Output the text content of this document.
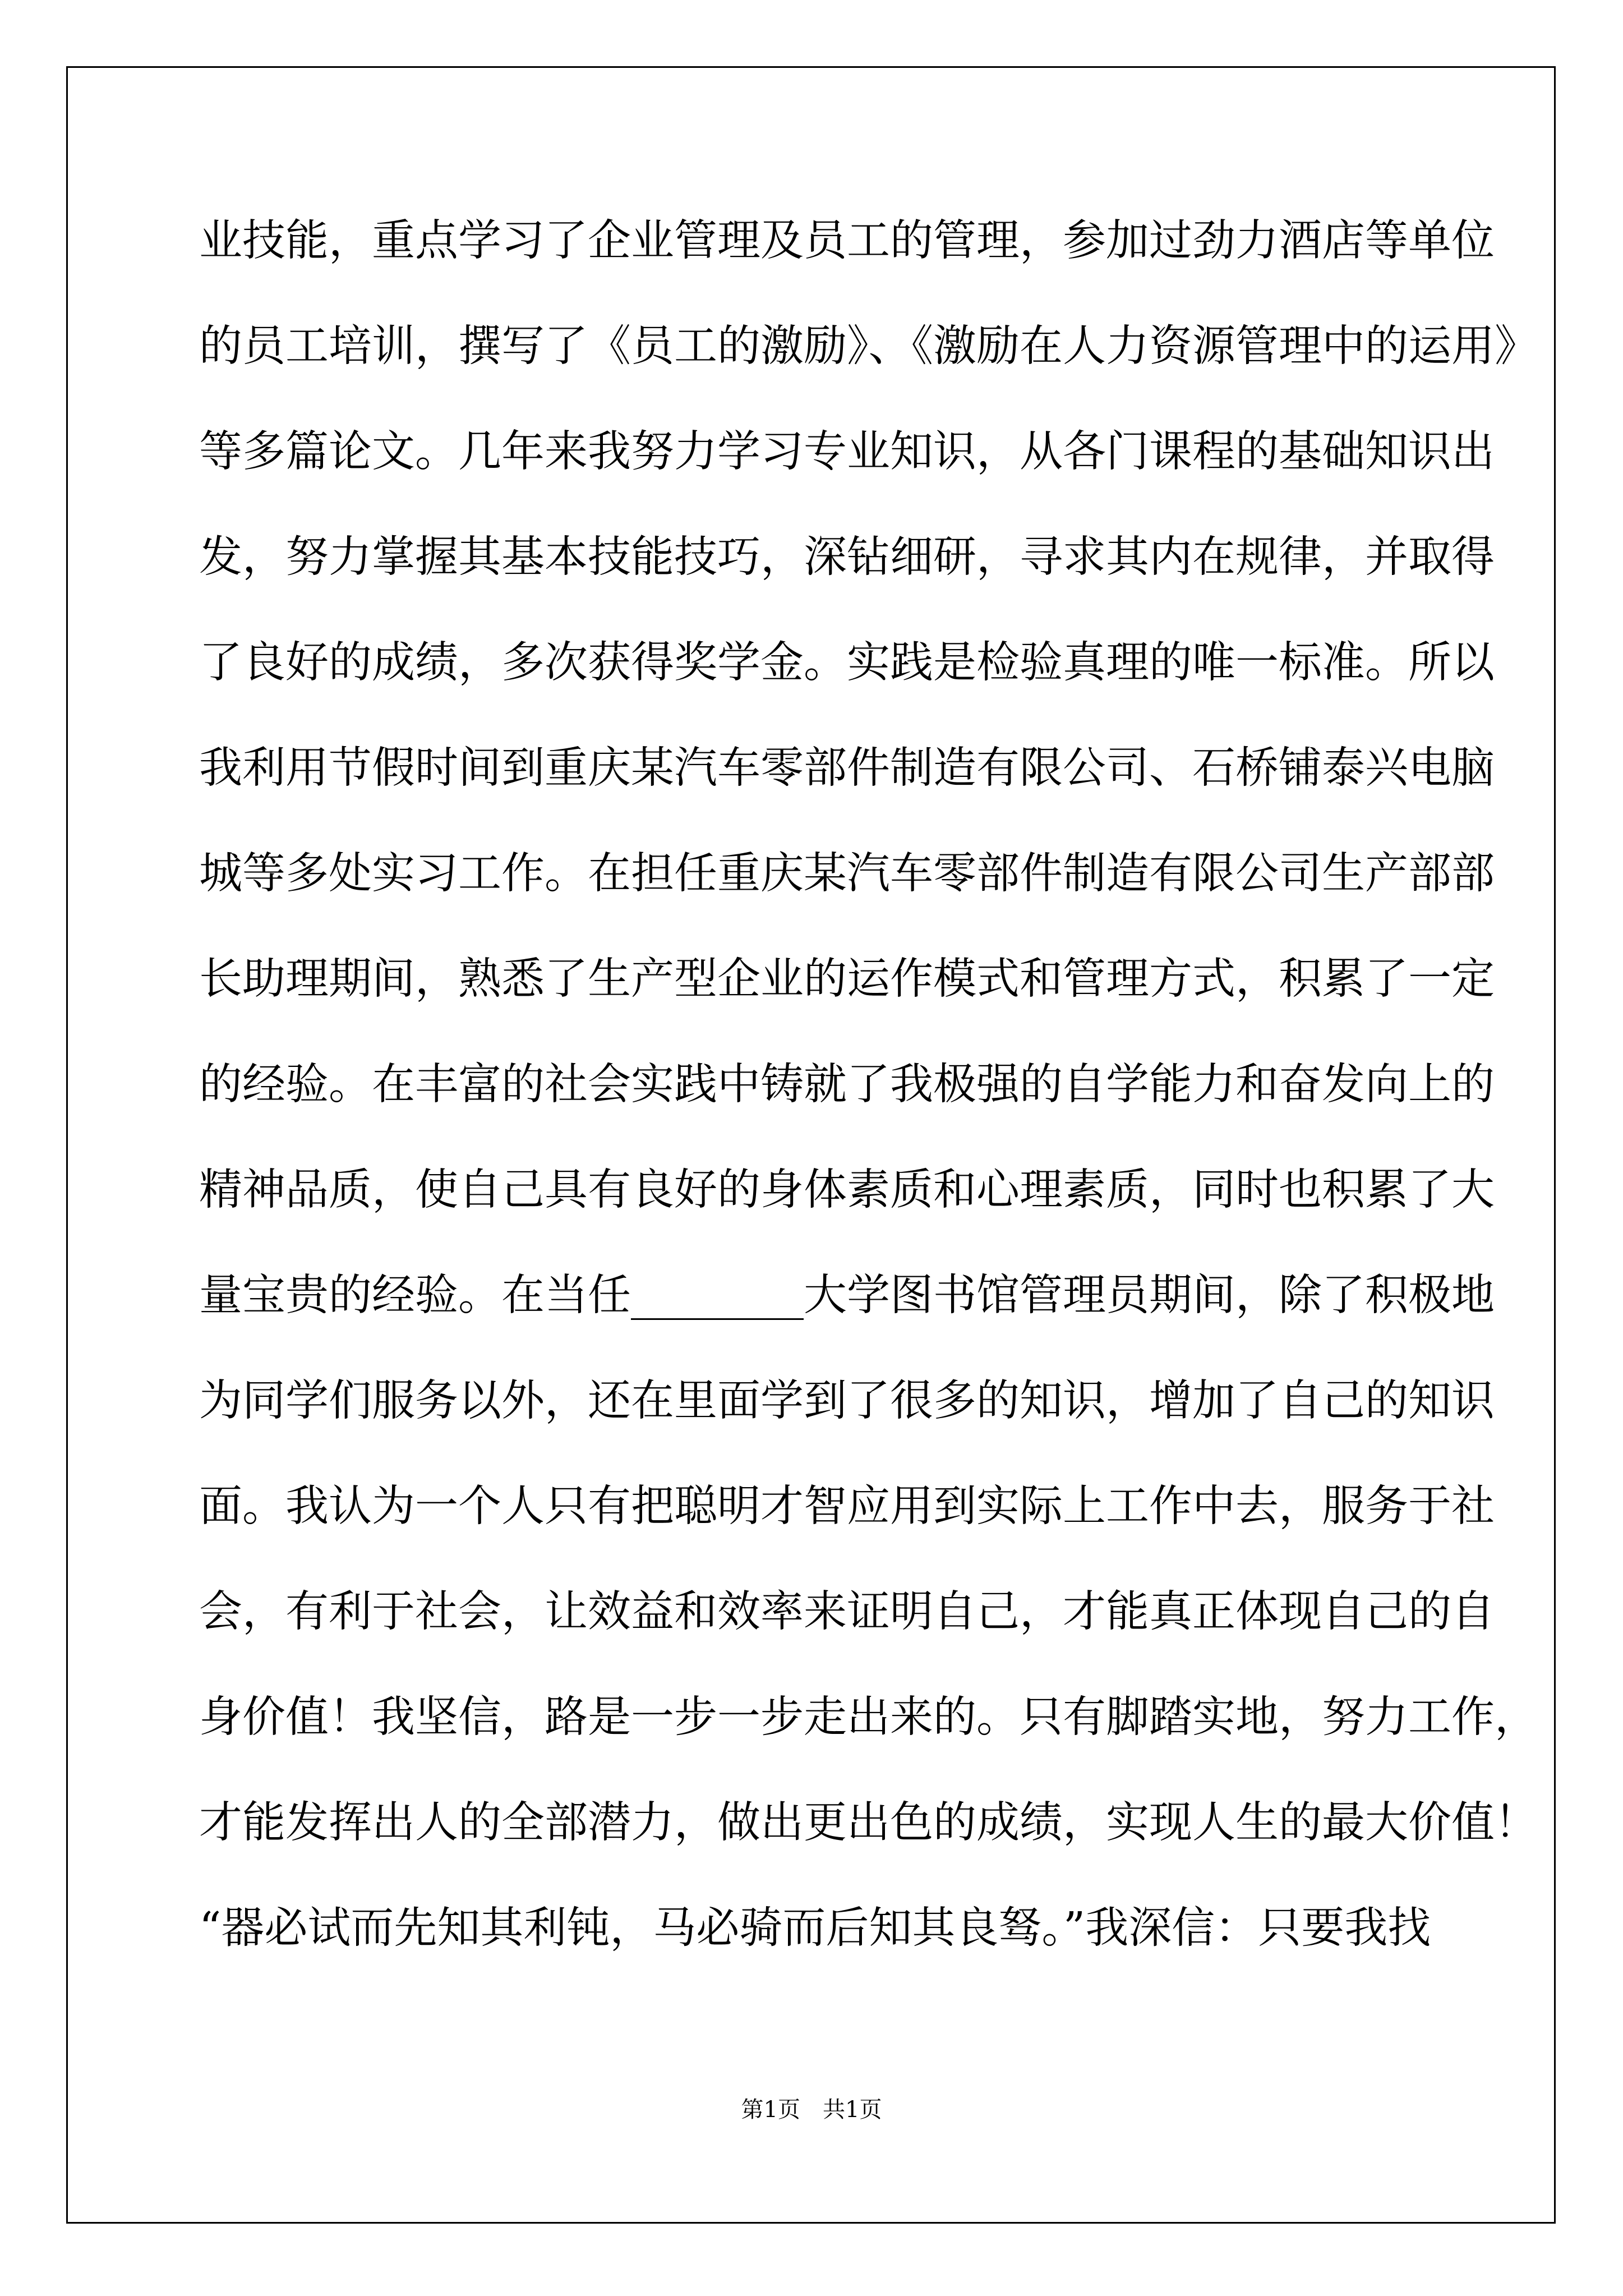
业技能，重点学习了企业管理及员工的管理，参加过劲力酒店等单位
的员工培训，撰写了《员工的激励》、《激励在人力资源管理中的运用》
等多篇论文。几年来我努力学习专业知识，从各门课程的基础知识出
发，努力掌握其基本技能技巧，深钻细研，寻求其内在规律，并取得
了良好的成绩，多次获得奖学金。实践是检验真理的唯一标准。所以
我利用节假时间到重庆某汽车零部件制造有限公司、石桥铺泰兴电脑
城等多处实习工作。在担任重庆某汽车零部件制造有限公司生产部部
长助理期间，熟悉了生产型企业的运作模式和管理方式，积累了一定
的经验。在丰富的社会实践中铸就了我极强的自学能力和奋发向上的
精神品质，使自己具有良好的身体素质和心理素质，同时也积累了大
量宝贵的经验。在当任________大学图书馆管理员期间，除了积极地
为同学们服务以外，还在里面学到了很多的知识，增加了自己的知识
面。我认为一个人只有把聪明才智应用到实际上工作中去，服务于社
会，有利于社会，让效益和效率来证明自己，才能真正体现自己的自
身价值！我坚信，路是一步一步走出来的。只有脚踏实地，努力工作，
才能发挥出人的全部潜力，做出更出色的成绩，实现人生的最大价值！
“器必试而先知其利钝，马必骑而后知其良驽。”我深信：只要我找
第1页　共1页
